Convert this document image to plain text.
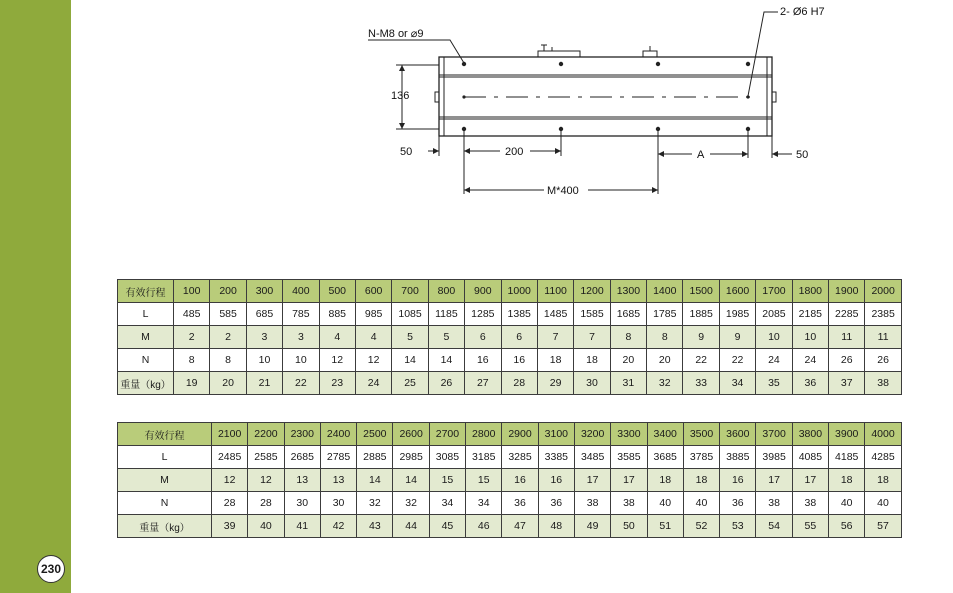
230
N-M8 or ⌀9
2- Ø6 H7
136
50	200	A	50
M*400
有效行程	100	200	300	400	500	600	700	800	900	1000	1100	1200	1300	1400	1500	1600	1700	1800	1900	2000
L	485	585	685	785	885	985	1085	1185	1285	1385	1485	1585	1685	1785	1885	1985	2085	2185	2285	2385
M	2	2	3	3	4	4	5	5	6	6	7	7	8	8	9	9	10	10	11	11
N	8	8	10	10	12	12	14	14	16	16	18	18	20	20	22	22	24	24	26	26
重量（kg）	19	20	21	22	23	24	25	26	27	28	29	30	31	32	33	34	35	36	37	38
有效行程	2100	2200	2300	2400	2500	2600	2700	2800	2900	3100	3200	3300	3400	3500	3600	3700	3800	3900	4000
L	2485	2585	2685	2785	2885	2985	3085	3185	3285	3385	3485	3585	3685	3785	3885	3985	4085	4185	4285
M	12	12	13	13	14	14	15	15	16	16	17	17	18	18	16	17	17	18	18
N	28	28	30	30	32	32	34	34	36	36	38	38	40	40	36	38	38	40	40
重量（kg）	39	40	41	42	43	44	45	46	47	48	49	50	51	52	53	54	55	56	57
